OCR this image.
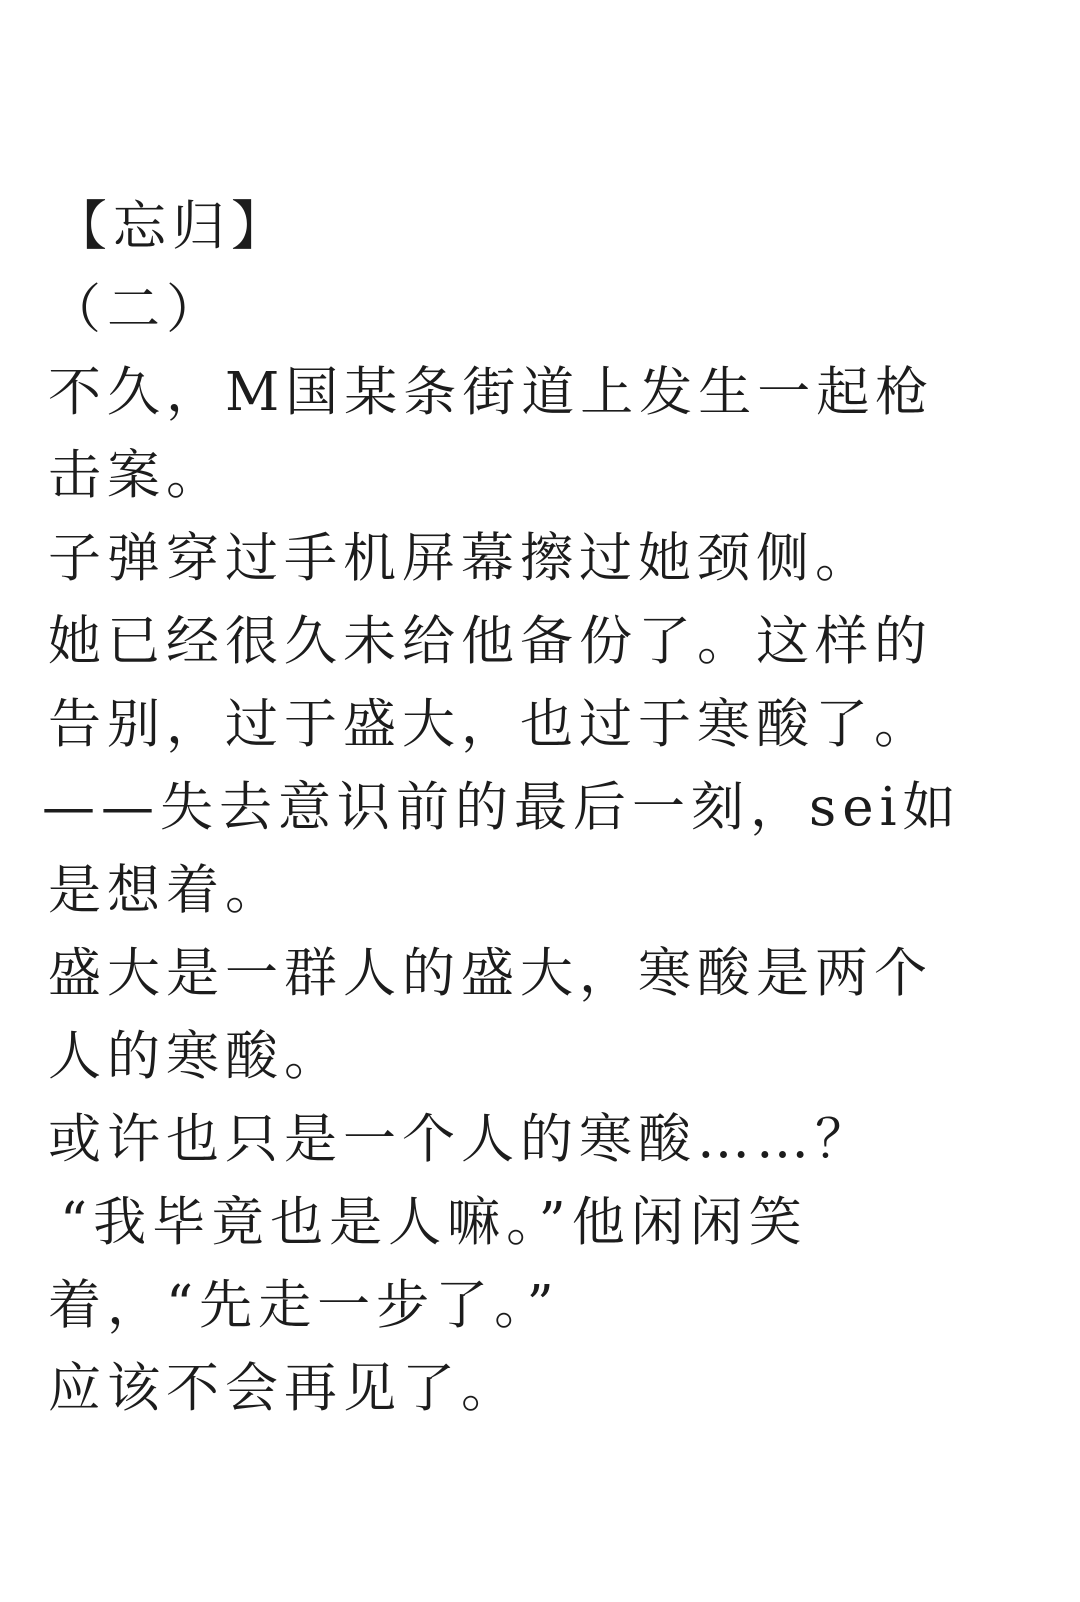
【忘归】
（二）
不久，M国某条街道上发生一起枪
击案。
子弹穿过手机屏幕擦过她颈侧。
她已经很久未给他备份了。这样的
告别，过于盛大，也过于寒酸了。
——失去意识前的最后一刻，sei如
是想着。
盛大是一群人的盛大，寒酸是两个
人的寒酸。
或许也只是一个人的寒酸……？
“我毕竟也是人嘛。”他闲闲笑
着，“先走一步了。”
应该不会再见了。
